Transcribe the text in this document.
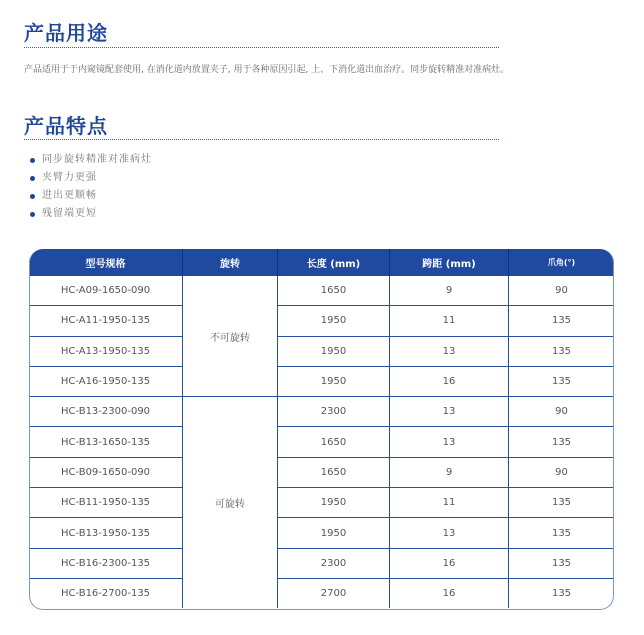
产品用途
产品适用于于内窥镜配套使用, 在消化道内放置夹子, 用于各种原因引起, 上、下消化道出血治疗。同步旋转精准对准病灶。
产品特点
同步旋转精准对准病灶
夹臂力更强
进出更顺畅
残留端更短
型号规格	旋转	长度 (mm)	跨距 (mm)	爪角(°)
HC-A09-1650-090	不可旋转	1650	9	90
HC-A11-1950-135		1950	11	135
HC-A13-1950-135		1950	13	135
HC-A16-1950-135		1950	16	135
HC-B13-2300-090	可旋转	2300	13	90
HC-B13-1650-135		1650	13	135
HC-B09-1650-090		1650	9	90
HC-B11-1950-135		1950	11	135
HC-B13-1950-135		1950	13	135
HC-B16-2300-135		2300	16	135
HC-B16-2700-135		2700	16	135
